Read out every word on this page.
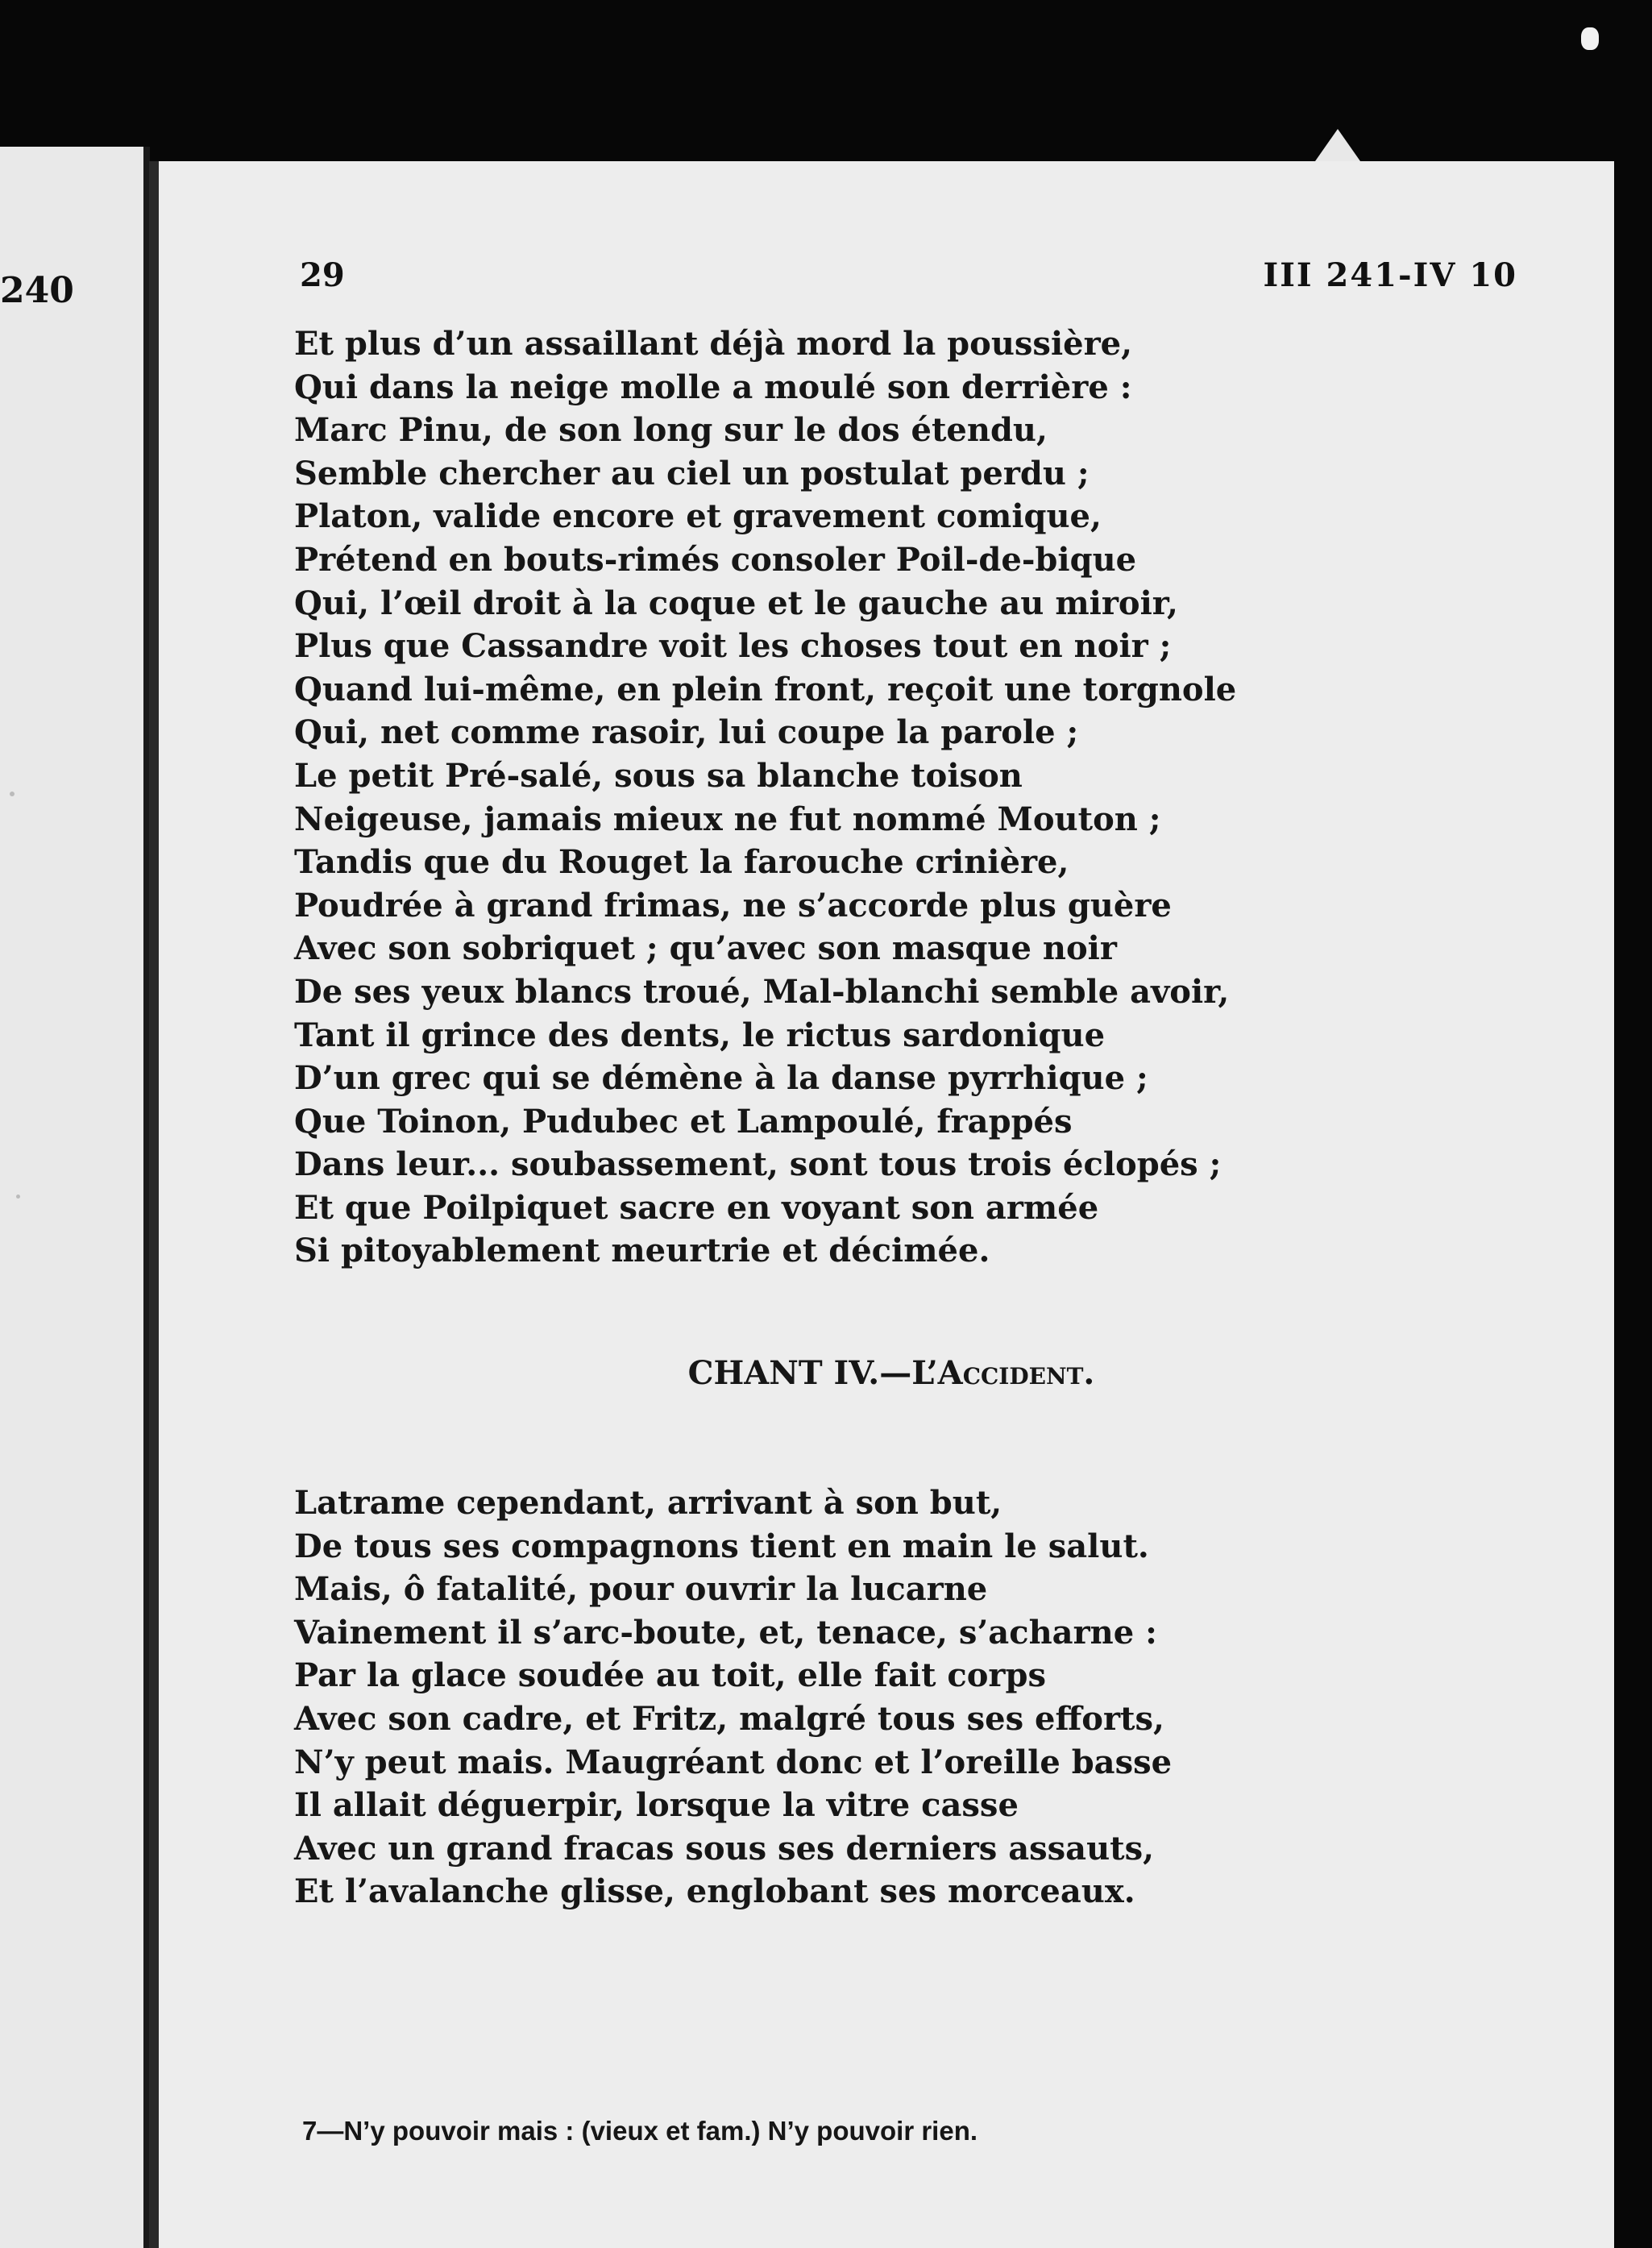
240	29	III 241-IV 10
Et plus d’un assaillant déjà mord la poussière,
Qui dans la neige molle a moulé son derrière :
Marc Pinu, de son long sur le dos étendu,
Semble chercher au ciel un postulat perdu ;
Platon, valide encore et gravement comique,
Prétend en bouts-rimés consoler Poil-de-bique
Qui, l’œil droit à la coque et le gauche au miroir,
Plus que Cassandre voit les choses tout en noir ;
Quand lui-même, en plein front, reçoit une torgnole
Qui, net comme rasoir, lui coupe la parole ;
Le petit Pré-salé, sous sa blanche toison
Neigeuse, jamais mieux ne fut nommé Mouton ;
Tandis que du Rouget la farouche crinière,
Poudrée à grand frimas, ne s’accorde plus guère
Avec son sobriquet ; qu’avec son masque noir
De ses yeux blancs troué, Mal-blanchi semble avoir,
Tant il grince des dents, le rictus sardonique
D’un grec qui se démène à la danse pyrrhique ;
Que Toinon, Pudubec et Lampoulé, frappés
Dans leur... soubassement, sont tous trois éclopés ;
Et que Poilpiquet sacre en voyant son armée
Si pitoyablement meurtrie et décimée.
CHANT IV.—L’Accident.
Latrame cependant, arrivant à son but,
De tous ses compagnons tient en main le salut.
Mais, ô fatalité, pour ouvrir la lucarne
Vainement il s’arc-boute, et, tenace, s’acharne :
Par la glace soudée au toit, elle fait corps
Avec son cadre, et Fritz, malgré tous ses efforts,
N’y peut mais. Maugréant donc et l’oreille basse
Il allait déguerpir, lorsque la vitre casse
Avec un grand fracas sous ses derniers assauts,
Et l’avalanche glisse, englobant ses morceaux.
7—N’y pouvoir mais : (vieux et fam.) N’y pouvoir rien.
